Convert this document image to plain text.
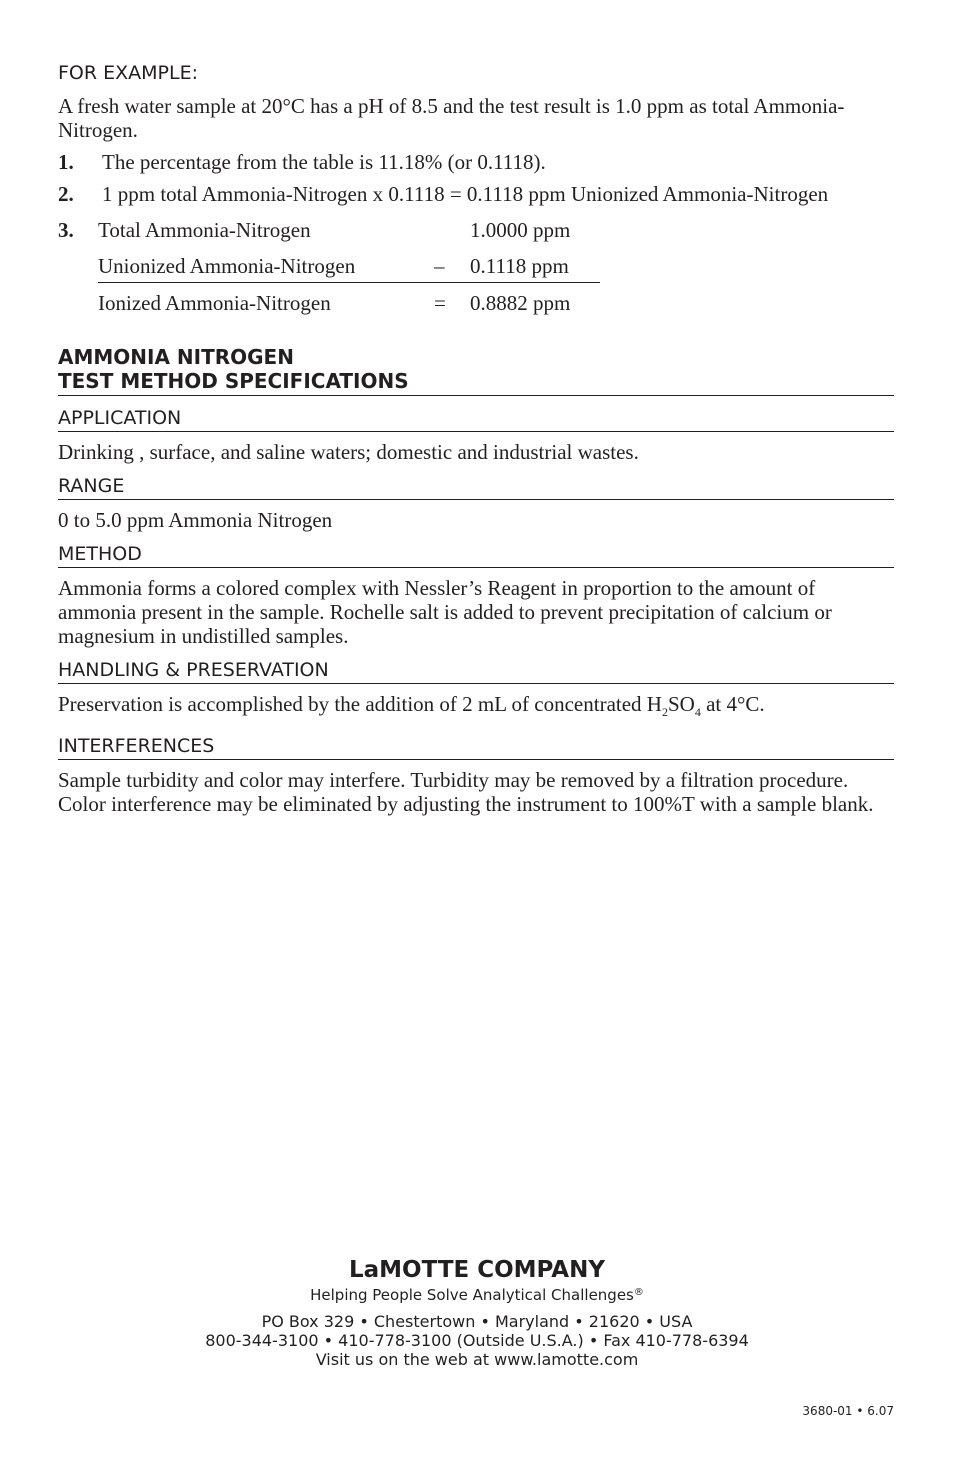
FOR EXAMPLE:

A fresh water sample at 20°C has a pH of 8.5 and the test result is 1.0 ppm as total Ammonia-Nitrogen.

1.	The percentage from the table is 11.18% (or 0.1118).
2.	1 ppm total Ammonia-Nitrogen x 0.1118 = 0.1118 ppm Unionized Ammonia-Nitrogen
3.	Total Ammonia-Nitrogen	1.0000 ppm
Unionized Ammonia-Nitrogen	–	0.1118 ppm
Ionized Ammonia-Nitrogen	=	0.8882 ppm
AMMONIA NITROGEN
TEST METHOD SPECIFICATIONS
APPLICATION
Drinking , surface, and saline waters; domestic and industrial wastes.
RANGE
0 to 5.0 ppm Ammonia Nitrogen
METHOD
Ammonia forms a colored complex with Nessler’s Reagent in proportion to the amount of ammonia present in the sample. Rochelle salt is added to prevent precipitation of calcium or magnesium in undistilled samples.
HANDLING & PRESERVATION
Preservation is accomplished by the addition of 2 mL of concentrated $H_2SO_4$ at 4°C.
INTERFERENCES
Sample turbidity and color may interfere. Turbidity may be removed by a filtration procedure. Color interference may be eliminated by adjusting the instrument to 100%T with a sample blank.
LaMOTTE COMPANY
Helping People Solve Analytical Challenges®
PO Box 329 • Chestertown • Maryland • 21620 • USA
800-344-3100 • 410-778-3100 (Outside U.S.A.) • Fax 410-778-6394
Visit us on the web at www.lamotte.com
3680-01 • 6.07
